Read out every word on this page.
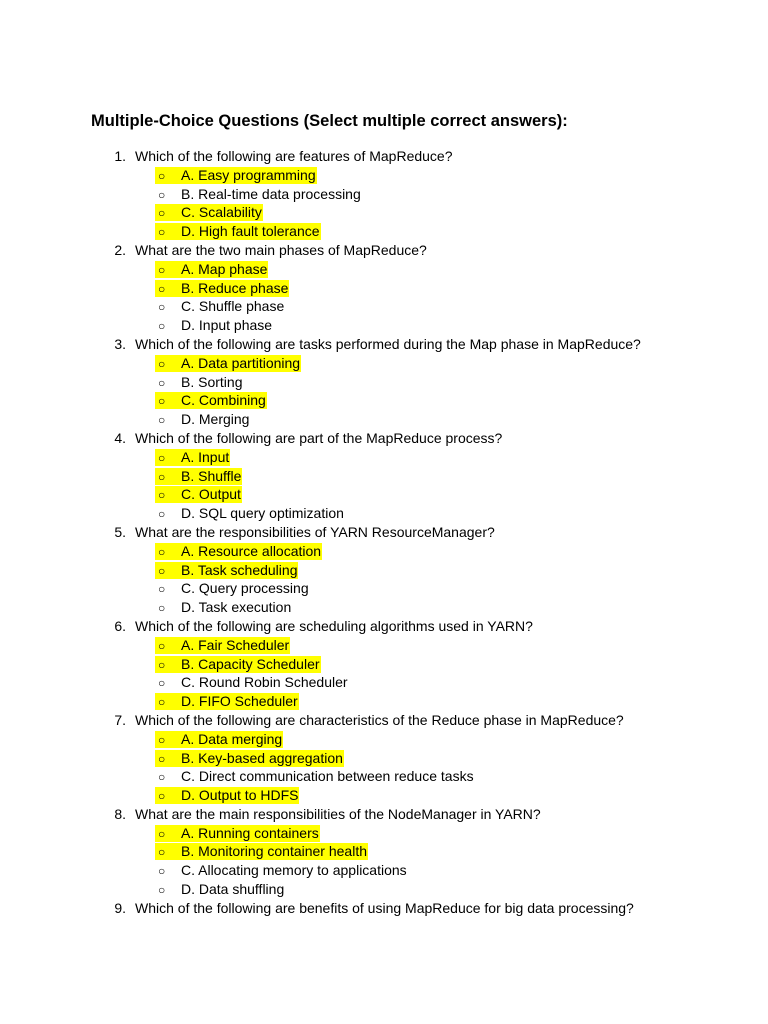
Multiple-Choice Questions (Select multiple correct answers):
1. Which of the following are features of MapReduce?
○ A. Easy programming
○ B. Real-time data processing
○ C. Scalability
○ D. High fault tolerance
2. What are the two main phases of MapReduce?
○ A. Map phase
○ B. Reduce phase
○ C. Shuffle phase
○ D. Input phase
3. Which of the following are tasks performed during the Map phase in MapReduce?
○ A. Data partitioning
○ B. Sorting
○ C. Combining
○ D. Merging
4. Which of the following are part of the MapReduce process?
○ A. Input
○ B. Shuffle
○ C. Output
○ D. SQL query optimization
5. What are the responsibilities of YARN ResourceManager?
○ A. Resource allocation
○ B. Task scheduling
○ C. Query processing
○ D. Task execution
6. Which of the following are scheduling algorithms used in YARN?
○ A. Fair Scheduler
○ B. Capacity Scheduler
○ C. Round Robin Scheduler
○ D. FIFO Scheduler
7. Which of the following are characteristics of the Reduce phase in MapReduce?
○ A. Data merging
○ B. Key-based aggregation
○ C. Direct communication between reduce tasks
○ D. Output to HDFS
8. What are the main responsibilities of the NodeManager in YARN?
○ A. Running containers
○ B. Monitoring container health
○ C. Allocating memory to applications
○ D. Data shuffling
9. Which of the following are benefits of using MapReduce for big data processing?
